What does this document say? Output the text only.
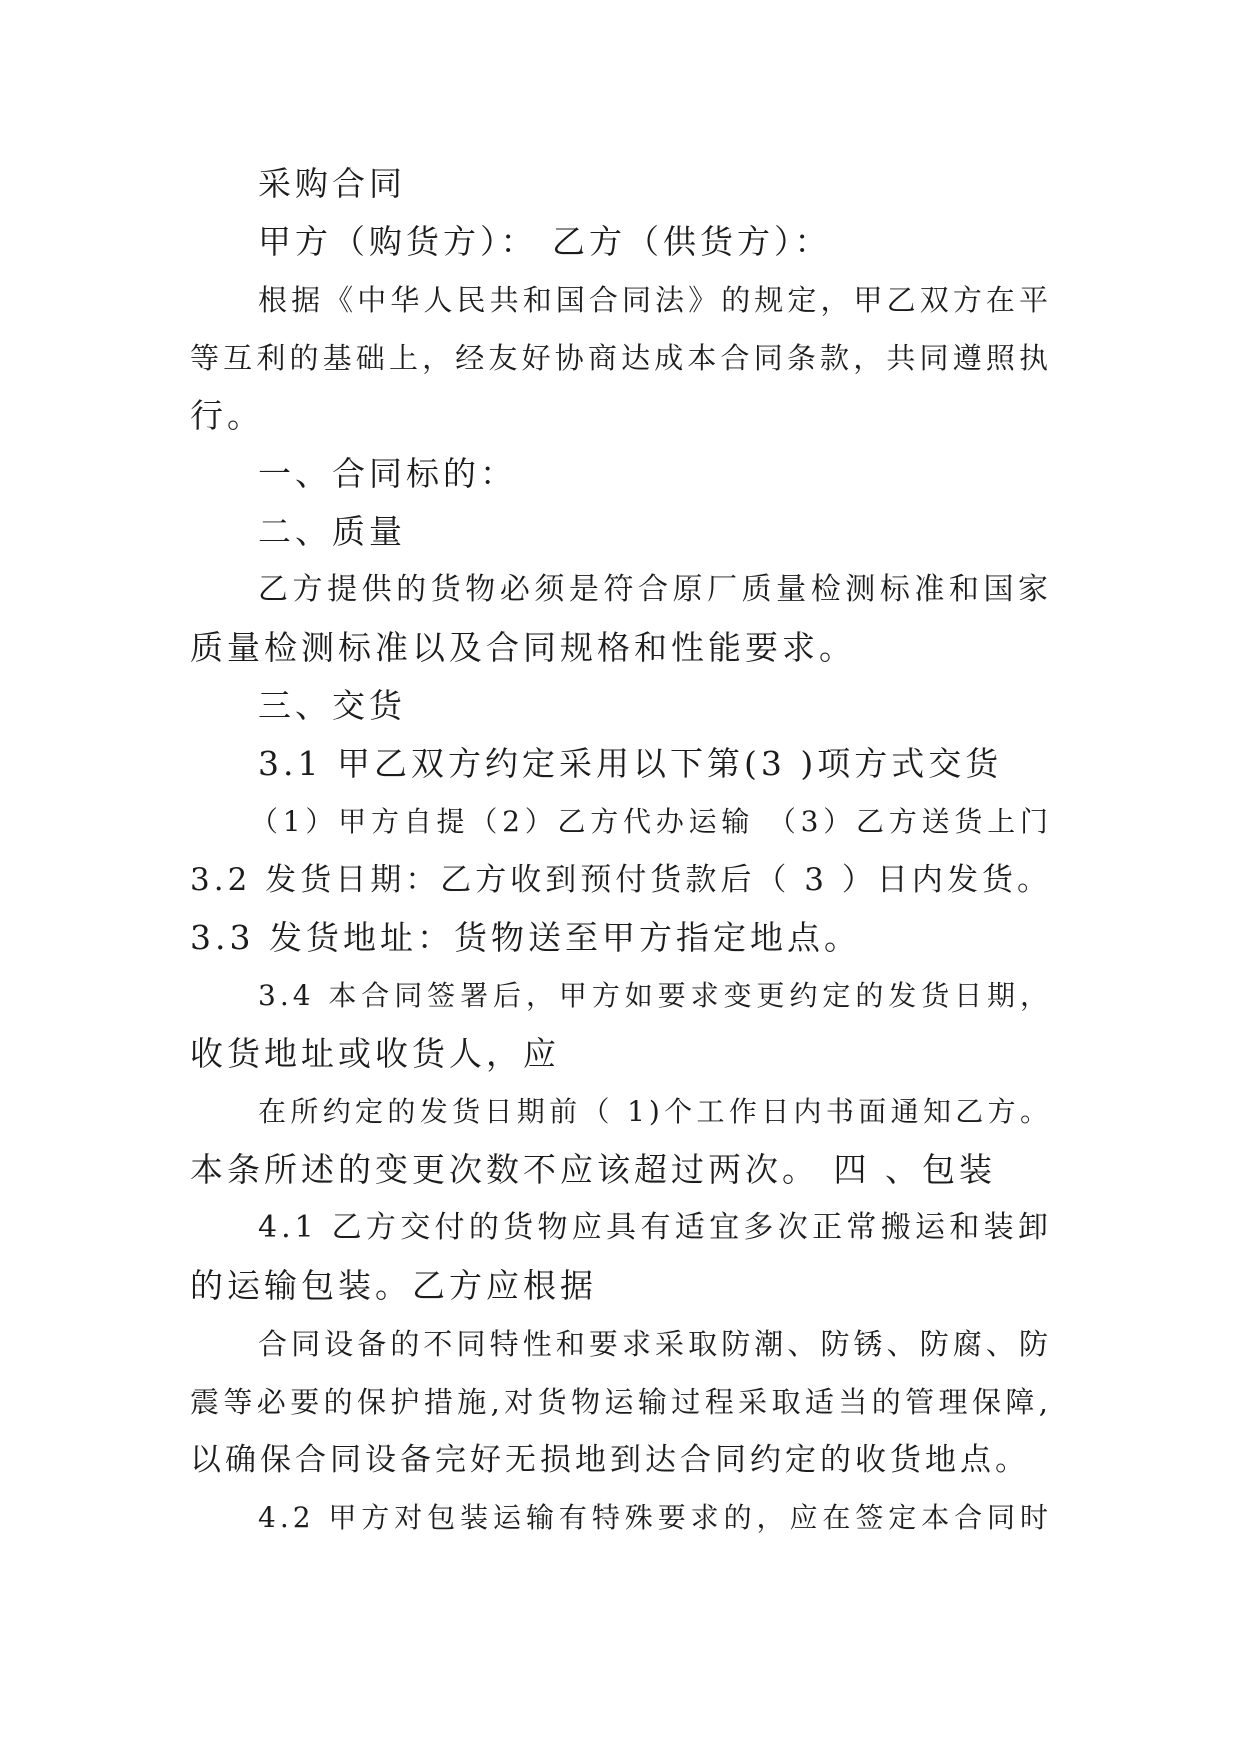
采购合同
甲方（购货方）： 乙方（供货方）：
根据《中华人民共和国合同法》的规定，甲乙双方在平
等互利的基础上，经友好协商达成本合同条款，共同遵照执
行。
一、合同标的：
二、质量
乙方提供的货物必须是符合原厂质量检测标准和国家
质量检测标准以及合同规格和性能要求。
三、交货
3.1 甲乙双方约定采用以下第(3 )项方式交货
（1）甲方自提（2）乙方代办运输 （3）乙方送货上门
3.2 发货日期：乙方收到预付货款后（ 3 ）日内发货。
3.3 发货地址：货物送至甲方指定地点。
3.4 本合同签署后，甲方如要求变更约定的发货日期，
收货地址或收货人，应
在所约定的发货日期前（ 1)个工作日内书面通知乙方。
本条所述的变更次数不应该超过两次。 四 、包装
4.1 乙方交付的货物应具有适宜多次正常搬运和装卸
的运输包装。乙方应根据
合同设备的不同特性和要求采取防潮、防锈、防腐、防
震等必要的保护措施,对货物运输过程采取适当的管理保障,
以确保合同设备完好无损地到达合同约定的收货地点。
4.2 甲方对包装运输有特殊要求的，应在签定本合同时
